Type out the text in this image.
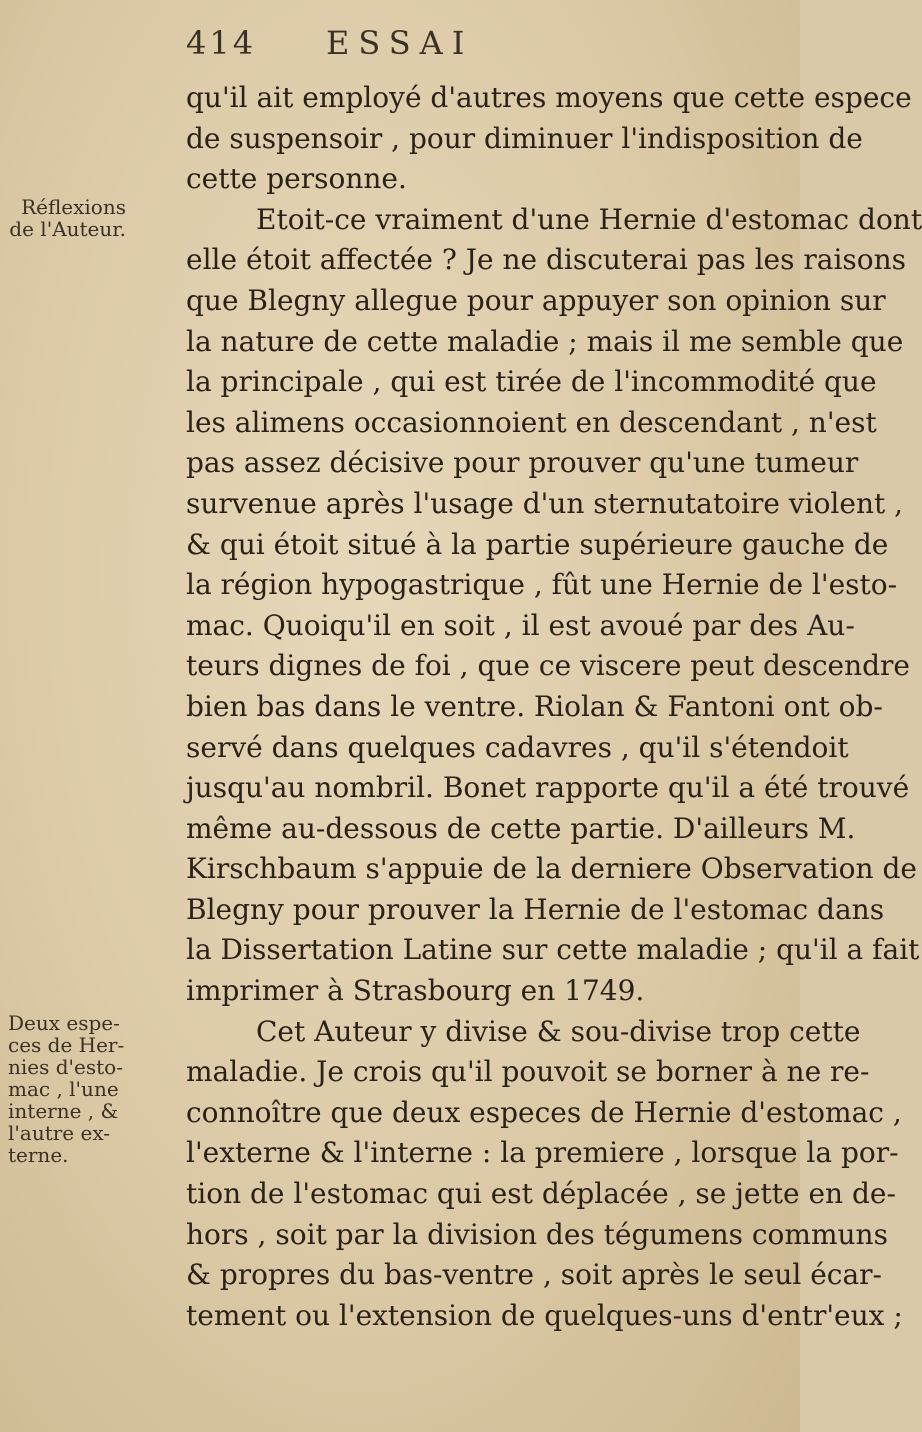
414 ESSAI
Réflexions
de l'Auteur.
Deux espe-
ces de Her-
nies d'esto-
mac , l'une
interne , &
l'autre ex-
terne.
qu'il ait employé d'autres moyens que cette espece
de suspensoir , pour diminuer l'indisposition de
cette personne.
Etoit-ce vraiment d'une Hernie d'estomac dont
elle étoit affectée ? Je ne discuterai pas les raisons
que Blegny allegue pour appuyer son opinion sur
la nature de cette maladie ; mais il me semble que
la principale , qui est tirée de l'incommodité que
les alimens occasionnoient en descendant , n'est
pas assez décisive pour prouver qu'une tumeur
survenue après l'usage d'un sternutatoire violent ,
& qui étoit situé à la partie supérieure gauche de
la région hypogastrique , fût une Hernie de l'esto-
mac. Quoiqu'il en soit , il est avoué par des Au-
teurs dignes de foi , que ce viscere peut descendre
bien bas dans le ventre. Riolan & Fantoni ont ob-
servé dans quelques cadavres , qu'il s'étendoit
jusqu'au nombril. Bonet rapporte qu'il a été trouvé
même au-dessous de cette partie. D'ailleurs M.
Kirschbaum s'appuie de la derniere Observation de
Blegny pour prouver la Hernie de l'estomac dans
la Dissertation Latine sur cette maladie ; qu'il a fait
imprimer à Strasbourg en 1749.
Cet Auteur y divise & sou-divise trop cette
maladie. Je crois qu'il pouvoit se borner à ne re-
connoître que deux especes de Hernie d'estomac ,
l'externe & l'interne : la premiere , lorsque la por-
tion de l'estomac qui est déplacée , se jette en de-
hors , soit par la division des tégumens communs
& propres du bas-ventre , soit après le seul écar-
tement ou l'extension de quelques-uns d'entr'eux ;
